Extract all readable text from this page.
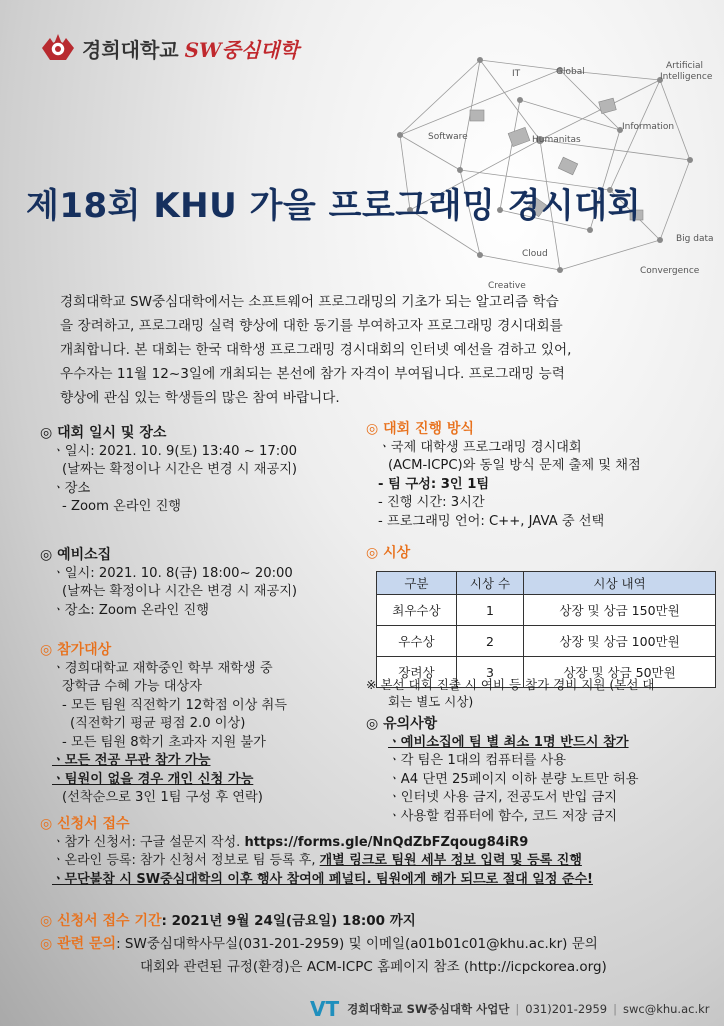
IT	Global
Artificial
Intelligence
Software	Humanitas
Information
Big data
Cloud
Convergence
Creative
경희대학교 SW중심대학
제18회 KHU 가을 프로그래밍 경시대회
경희대학교 SW중심대학에서는 소프트웨어 프로그래밍의 기초가 되는 알고리즘 학습
을 장려하고, 프로그래밍 실력 향상에 대한 동기를 부여하고자 프로그래밍 경시대회를
개최합니다. 본 대회는 한국 대학생 프로그래밍 경시대회의 인터넷 예선을 겸하고 있어,
우수자는 11월 12~3일에 개최되는 본선에 참가 자격이 부여됩니다. 프로그래밍 능력
향상에 관심 있는 학생들의 많은 참여 바랍니다.
◎ 대회 일시 및 장소
ㆍ일시: 2021. 10. 9(토) 13:40 ~ 17:00
(날짜는 확정이나 시간은 변경 시 재공지)
ㆍ장소
- Zoom 온라인 진행
◎ 예비소집
ㆍ일시: 2021. 10. 8(금) 18:00~ 20:00
(날짜는 확정이나 시간은 변경 시 재공지)
ㆍ장소: Zoom 온라인 진행
◎ 참가대상
ㆍ경희대학교 재학중인 학부 재학생 중
장학금 수혜 가능 대상자
- 모든 팀원 직전학기 12학점 이상 취득
(직전학기 평균 평점 2.0 이상)
- 모든 팀원 8학기 초과자 지원 불가
ㆍ모든 전공 무관 참가 가능
ㆍ팀원이 없을 경우 개인 신청 가능
(선착순으로 3인 1팀 구성 후 연락)
◎ 대회 진행 방식
ㆍ국제 대학생 프로그래밍 경시대회
(ACM-ICPC)와 동일 방식 문제 출제 및 채점
- 팀 구성: 3인 1팀
- 진행 시간: 3시간
- 프로그래밍 언어: C++, JAVA 중 선택
◎ 시상
구분	시상 수	시상 내역
최우수상	1	상장 및 상금 150만원
우수상	2	상장 및 상금 100만원
장려상	3	상장 및 상금 50만원
※ 본선 대회 진출 시 여비 등 참가 경비 지원 (본선 대
회는 별도 시상)
◎ 유의사항
ㆍ예비소집에 팀 별 최소 1명 반드시 참가
ㆍ각 팀은 1대의 컴퓨터를 사용
ㆍA4 단면 25페이지 이하 분량 노트만 허용
ㆍ인터넷 사용 금지, 전공도서 반입 금지
ㆍ사용할 컴퓨터에 함수, 코드 저장 금지
◎ 신청서 접수
ㆍ참가 신청서: 구글 설문지 작성. https://forms.gle/NnQdZbFZqoug84iR9
ㆍ온라인 등록: 참가 신청서 정보로 팀 등록 후, 개별 링크로 팀원 세부 정보 입력 및 등록 진행
ㆍ무단불참 시 SW중심대학의 이후 행사 참여에 페널티. 팀원에게 해가 되므로 절대 일정 준수!
◎ 신청서 접수 기간: 2021년 9월 24일(금요일) 18:00 까지
◎ 관련 문의: SW중심대학사무실(031-201-2959) 및 이메일(a01b01c01@khu.ac.kr) 문의
대회와 관련된 규정(환경)은 ACM-ICPC 홈페이지 참조 (http://icpckorea.org)
VT 경희대학교 SW중심대학 사업단 | 031)201-2959 | swc@khu.ac.kr
